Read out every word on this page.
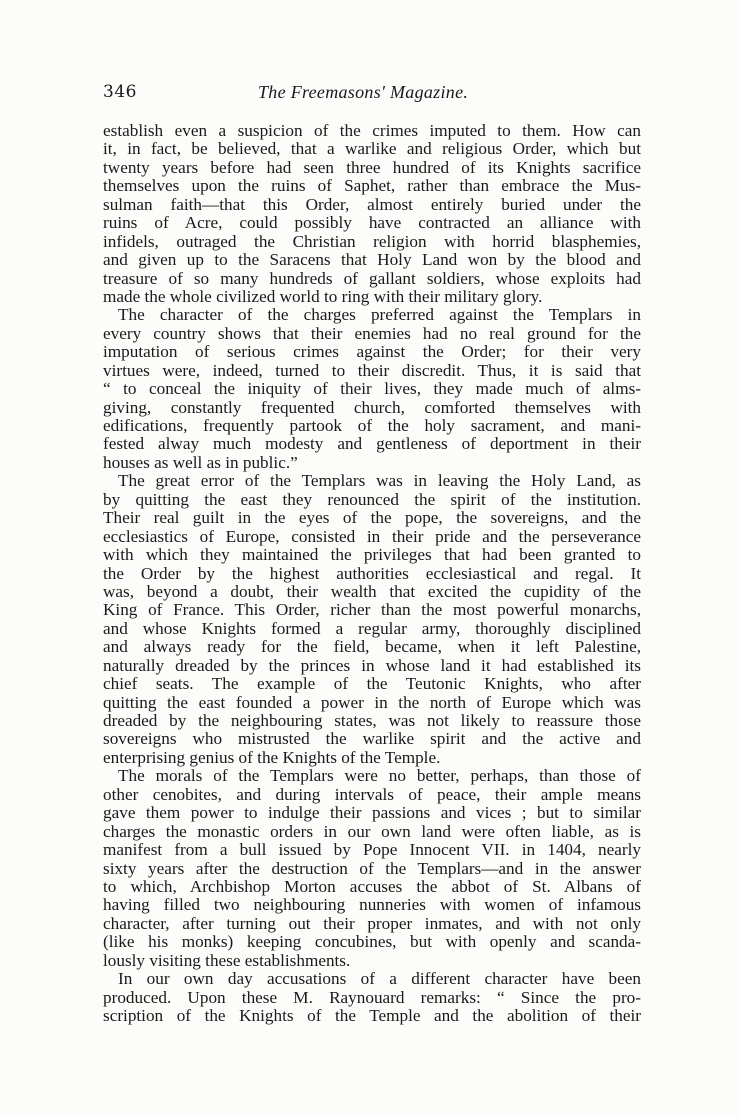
346	The Freemasons' Magazine.
establish even a suspicion of the crimes imputed to them. How can
it, in fact, be believed, that a warlike and religious Order, which but
twenty years before had seen three hundred of its Knights sacrifice
themselves upon the ruins of Saphet, rather than embrace the Mus-
sulman faith—that this Order, almost entirely buried under the
ruins of Acre, could possibly have contracted an alliance with
infidels, outraged the Christian religion with horrid blasphemies,
and given up to the Saracens that Holy Land won by the blood and
treasure of so many hundreds of gallant soldiers, whose exploits had
made the whole civilized world to ring with their military glory.
The character of the charges preferred against the Templars in
every country shows that their enemies had no real ground for the
imputation of serious crimes against the Order; for their very
virtues were, indeed, turned to their discredit. Thus, it is said that
“ to conceal the iniquity of their lives, they made much of alms-
giving, constantly frequented church, comforted themselves with
edifications, frequently partook of the holy sacrament, and mani-
fested alway much modesty and gentleness of deportment in their
houses as well as in public.”
The great error of the Templars was in leaving the Holy Land, as
by quitting the east they renounced the spirit of the institution.
Their real guilt in the eyes of the pope, the sovereigns, and the
ecclesiastics of Europe, consisted in their pride and the perseverance
with which they maintained the privileges that had been granted to
the Order by the highest authorities ecclesiastical and regal. It
was, beyond a doubt, their wealth that excited the cupidity of the
King of France. This Order, richer than the most powerful monarchs,
and whose Knights formed a regular army, thoroughly disciplined
and always ready for the field, became, when it left Palestine,
naturally dreaded by the princes in whose land it had established its
chief seats. The example of the Teutonic Knights, who after
quitting the east founded a power in the north of Europe which was
dreaded by the neighbouring states, was not likely to reassure those
sovereigns who mistrusted the warlike spirit and the active and
enterprising genius of the Knights of the Temple.
The morals of the Templars were no better, perhaps, than those of
other cenobites, and during intervals of peace, their ample means
gave them power to indulge their passions and vices ; but to similar
charges the monastic orders in our own land were often liable, as is
manifest from a bull issued by Pope Innocent VII. in 1404, nearly
sixty years after the destruction of the Templars—and in the answer
to which, Archbishop Morton accuses the abbot of St. Albans of
having filled two neighbouring nunneries with women of infamous
character, after turning out their proper inmates, and with not only
(like his monks) keeping concubines, but with openly and scanda-
lously visiting these establishments.
In our own day accusations of a different character have been
produced. Upon these M. Raynouard remarks: “ Since the pro-
scription of the Knights of the Temple and the abolition of their
